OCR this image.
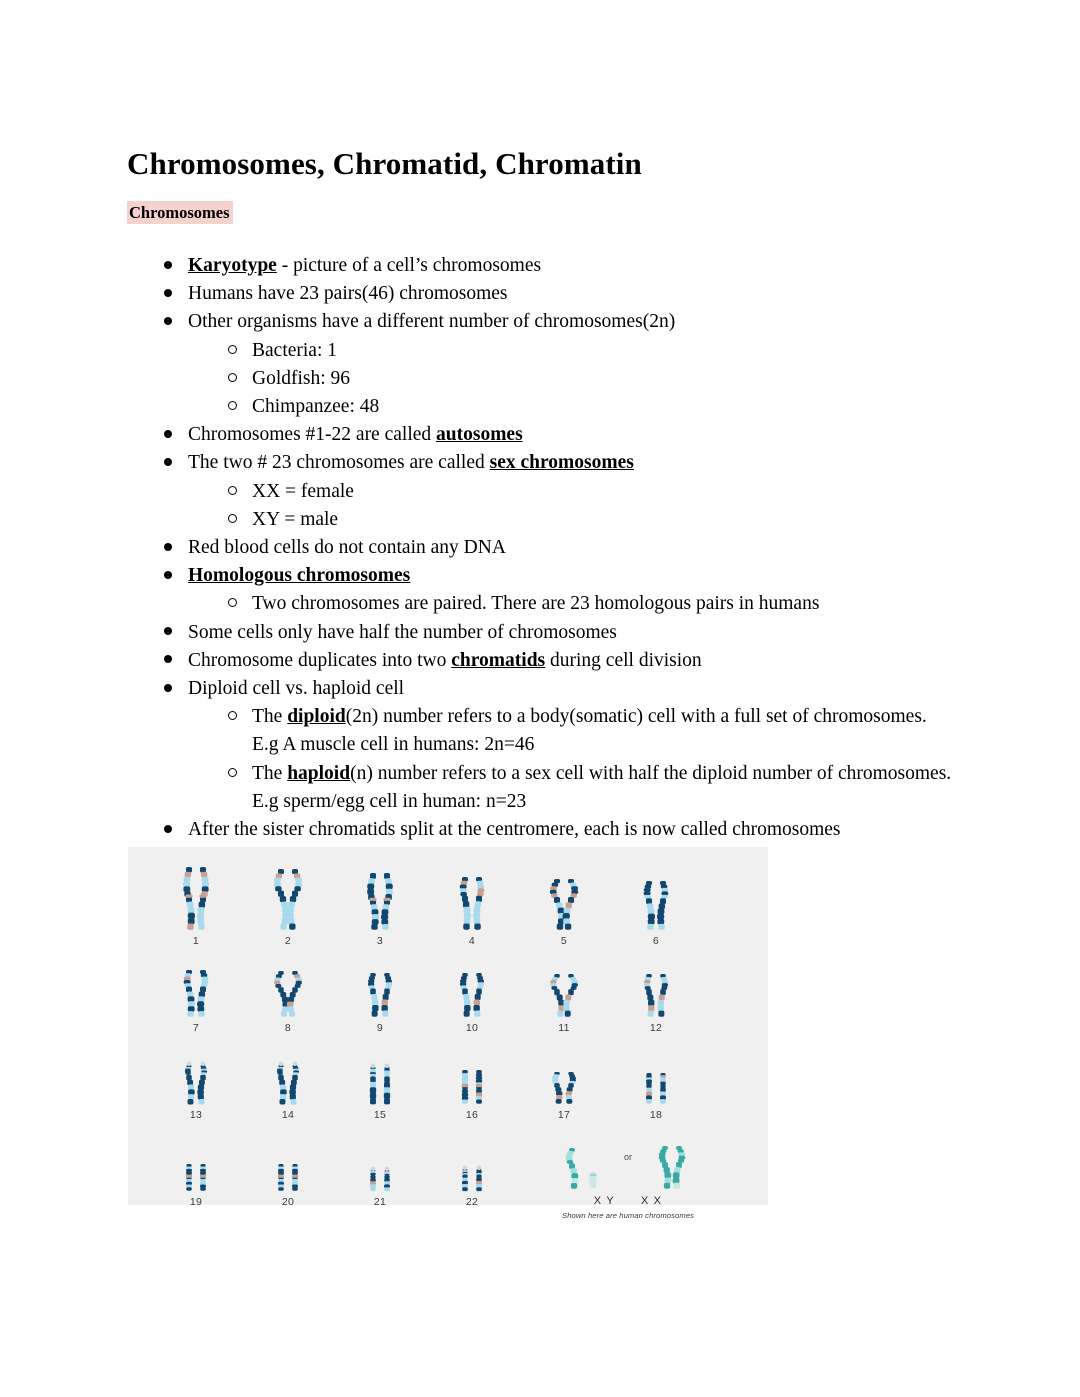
Chromosomes, Chromatid, Chromatin
Chromosomes
Karyotype - picture of a cell’s chromosomes
Humans have 23 pairs(46) chromosomes
Other organisms have a different number of chromosomes(2n)
Bacteria: 1
Goldfish: 96
Chimpanzee: 48
Chromosomes #1-22 are called autosomes
The two # 23 chromosomes are called sex chromosomes
XX = female
XY = male
Red blood cells do not contain any DNA
Homologous chromosomes
Two chromosomes are paired. There are 23 homologous pairs in humans
Some cells only have half the number of chromosomes
Chromosome duplicates into two chromatids during cell division
Diploid cell vs. haploid cell
The diploid(2n) number refers to a body(somatic) cell with a full set of chromosomes. E.g A muscle cell in humans: 2n=46
The haploid(n) number refers to a sex cell with half the diploid number of chromosomes. E.g sperm/egg cell in human: n=23
After the sister chromatids split at the centromere, each is now called chromosomes
1	2	3	4	5	6
7	8	9	10	11	12
13	14	15	16	17	18
19	20	21	22
or
X Y X X
Shown here are human chromosomes
